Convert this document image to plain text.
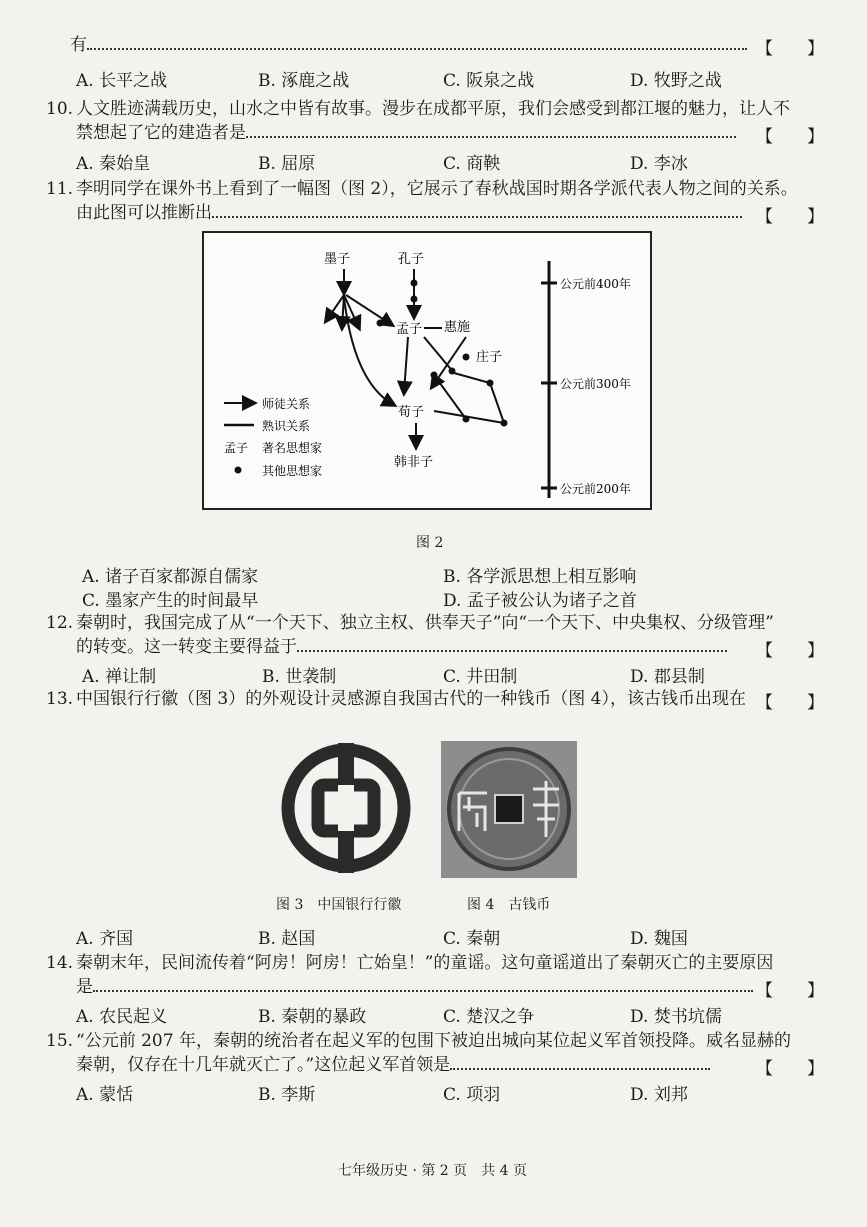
有	【　　】
A. 长平之战	B. 涿鹿之战	C. 阪泉之战	D. 牧野之战
10. 人文胜迹满载历史，山水之中皆有故事。漫步在成都平原，我们会感受到都江堰的魅力，让人不
禁想起了它的建造者是	【　　】
A. 秦始皇	B. 屈原	C. 商鞅	D. 李冰
11. 李明同学在课外书上看到了一幅图（图 2），它展示了春秋战国时期各学派代表人物之间的关系。
由此图可以推断出	【　　】
公元前400年
公元前300年
公元前200年
墨子	孔子
孟子 惠施
庄子
荀子
韩非子
师徒关系
熟识关系
孟子 著名思想家
其他思想家
图 2
A. 诸子百家都源自儒家	B. 各学派思想上相互影响
C. 墨家产生的时间最早	D. 孟子被公认为诸子之首
12. 秦朝时，我国完成了从“一个天下、独立主权、供奉天子”向“一个天下、中央集权、分级管理”
的转变。这一转变主要得益于	【　　】
A. 禅让制	B. 世袭制	C. 井田制	D. 郡县制
13. 中国银行行徽（图 3）的外观设计灵感源自我国古代的一种钱币（图 4），该古钱币出现在 【　　】
图 3　中国银行行徽	图 4　古钱币
A. 齐国	B. 赵国	C. 秦朝	D. 魏国
14. 秦朝末年，民间流传着“阿房！阿房！亡始皇！”的童谣。这句童谣道出了秦朝灭亡的主要原因
是	【　　】
A. 农民起义	B. 秦朝的暴政	C. 楚汉之争	D. 焚书坑儒
15. “公元前 207 年，秦朝的统治者在起义军的包围下被迫出城向某位起义军首领投降。威名显赫的
秦朝，仅存在十几年就灭亡了。”这位起义军首领是	【　　】
A. 蒙恬	B. 李斯	C. 项羽	D. 刘邦
七年级历史 · 第 2 页　共 4 页
